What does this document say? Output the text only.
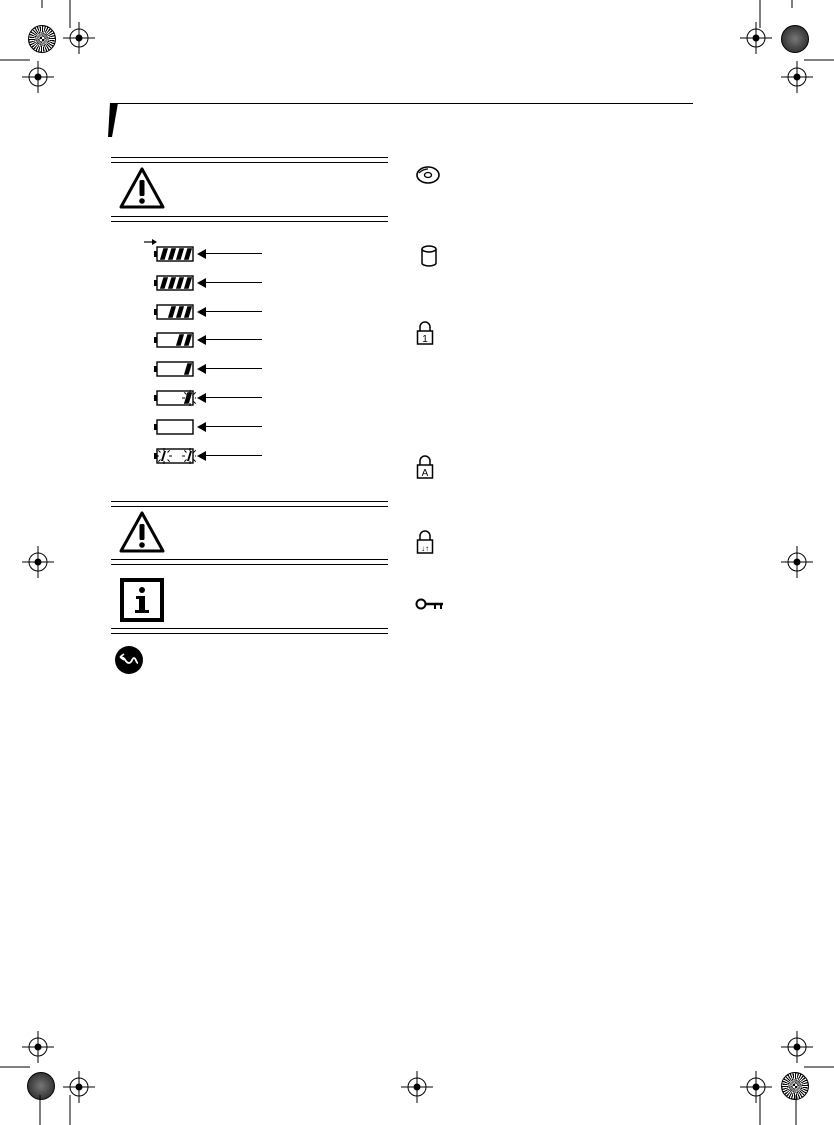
1
A
↓↑
